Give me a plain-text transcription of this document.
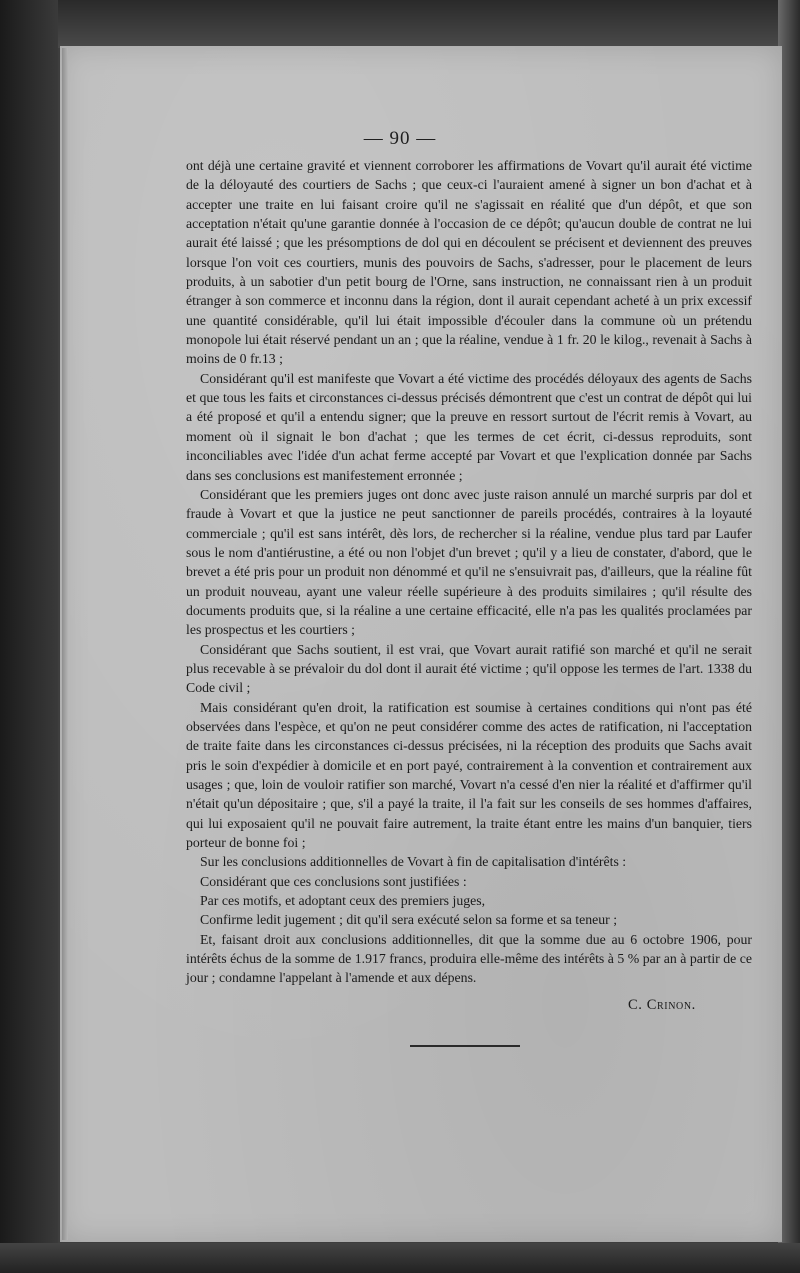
— 90 —

ont déjà une certaine gravité et viennent corroborer les affirmations de Vovart qu'il aurait été victime de la déloyauté des courtiers de Sachs ; que ceux-ci l'auraient amené à signer un bon d'achat et à accepter une traite en lui faisant croire qu'il ne s'agissait en réalité que d'un dépôt, et que son acceptation n'était qu'une garantie donnée à l'occasion de ce dépôt; qu'aucun double de contrat ne lui aurait été laissé ; que les présomptions de dol qui en découlent se précisent et deviennent des preuves lorsque l'on voit ces courtiers, munis des pouvoirs de Sachs, s'adresser, pour le placement de leurs produits, à un sabotier d'un petit bourg de l'Orne, sans instruction, ne connaissant rien à un produit étranger à son commerce et inconnu dans la région, dont il aurait cependant acheté à un prix excessif une quantité considérable, qu'il lui était impossible d'écouler dans la commune où un prétendu monopole lui était réservé pendant un an ; que la réaline, vendue à 1 fr. 20 le kilog., revenait à Sachs à moins de 0 fr.13 ;

Considérant qu'il est manifeste que Vovart a été victime des procédés déloyaux des agents de Sachs et que tous les faits et circonstances ci-dessus précisés démontrent que c'est un contrat de dépôt qui lui a été proposé et qu'il a entendu signer; que la preuve en ressort surtout de l'écrit remis à Vovart, au moment où il signait le bon d'achat ; que les termes de cet écrit, ci-dessus reproduits, sont inconciliables avec l'idée d'un achat ferme accepté par Vovart et que l'explication donnée par Sachs dans ses conclusions est manifestement erronnée ;

Considérant que les premiers juges ont donc avec juste raison annulé un marché surpris par dol et fraude à Vovart et que la justice ne peut sanctionner de pareils procédés, contraires à la loyauté commerciale ; qu'il est sans intérêt, dès lors, de rechercher si la réaline, vendue plus tard par Laufer sous le nom d'antiérustine, a été ou non l'objet d'un brevet ; qu'il y a lieu de constater, d'abord, que le brevet a été pris pour un produit non dénommé et qu'il ne s'ensuivrait pas, d'ailleurs, que la réaline fût un produit nouveau, ayant une valeur réelle supérieure à des produits similaires ; qu'il résulte des documents produits que, si la réaline a une certaine efficacité, elle n'a pas les qualités proclamées par les prospectus et les courtiers ;

Considérant que Sachs soutient, il est vrai, que Vovart aurait ratifié son marché et qu'il ne serait plus recevable à se prévaloir du dol dont il aurait été victime ; qu'il oppose les termes de l'art. 1338 du Code civil ;

Mais considérant qu'en droit, la ratification est soumise à certaines conditions qui n'ont pas été observées dans l'espèce, et qu'on ne peut considérer comme des actes de ratification, ni l'acceptation de traite faite dans les circonstances ci-dessus précisées, ni la réception des produits que Sachs avait pris le soin d'expédier à domicile et en port payé, contrairement à la convention et contrairement aux usages ; que, loin de vouloir ratifier son marché, Vovart n'a cessé d'en nier la réalité et d'affirmer qu'il n'était qu'un dépositaire ; que, s'il a payé la traite, il l'a fait sur les conseils de ses hommes d'affaires, qui lui exposaient qu'il ne pouvait faire autrement, la traite étant entre les mains d'un banquier, tiers porteur de bonne foi ;

Sur les conclusions additionnelles de Vovart à fin de capitalisation d'intérêts :

Considérant que ces conclusions sont justifiées :

Par ces motifs, et adoptant ceux des premiers juges,

Confirme ledit jugement ; dit qu'il sera exécuté selon sa forme et sa teneur ;

Et, faisant droit aux conclusions additionnelles, dit que la somme due au 6 octobre 1906, pour intérêts échus de la somme de 1.917 francs, produira elle-même des intérêts à 5 % par an à partir de ce jour ; condamne l'appelant à l'amende et aux dépens.

C. Crinon.
